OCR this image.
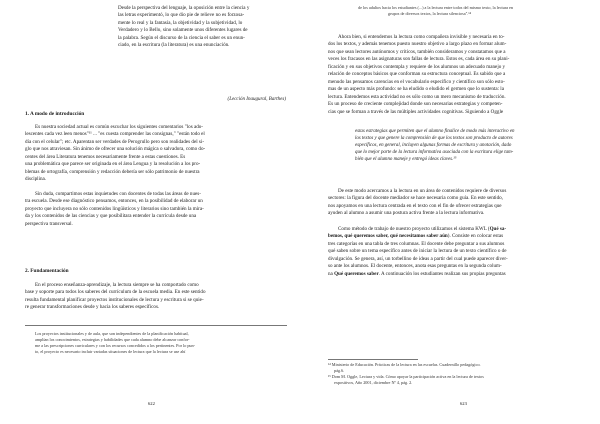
Desde la perspectiva del lenguaje, la oposición entre la ciencia y
las letras experimentó, lo que dio pie de relieve no es forzosa-
mente lo real y la fantasía, la objetividad y la subjetividad, lo
Verdadero y lo Bello, sino solamente unos diferentes lugares de
la palabra. Según el discurso de la ciencia el saber es un enun-
ciado, en la escritura (la literatura) es una enunciación.
(Lección Inaugural, Barthes)
1. A modo de introducción
Es nuestra sociedad actual es común escuchar los siguientes comentarios "los ado-
lescentes cada vez leen menos"¹¹ ... "es cuesta comprender las consignas," "están todo el
día con el celular"; etc. Aparentan ser verdades de Perogrullo pero son realidades del si-
glo que nos atraviesan. Sin ánimo de ofrecer una solución mágica o salvadora, como do-
centes del área Literatura tenemos necesariamente frente a estas cuestiones. Es
una problemática que parece ser originada en el área Lengua y la resolución a los pro-
blemas de ortografía, comprensión y redacción debería ser sólo patrimonio de nuestra
disciplina.
Sin duda, compartimos estas inquietudes con docentes de todas las áreas de nues-
tra escuela. Desde ese diagnóstico pensamos, entonces, en la posibilidad de elaborar un
proyecto que incluyera no sólo contenidos lingüísticos y literarios sino también la mira-
da y los contenidos de las ciencias y que posibilitara entender la currícula desde una
perspectiva transversal.
2. Fundamentación
En el proceso enseñanza-aprendizaje, la lectura siempre se ha comportado como
base y soporte para todos los saberes del currículum de la escuela media. En este sentido
resulta fundamental planificar proyectos institucionales de lectura y escritura si se quie-
re generar transformaciones desde y hacia los saberes específicos.
Los proyectos institucionales y de aula, que son independientes de la planificación habitual,
amplían los conocimientos, estrategias y habilidades que cada alumno debe alcanzar confor-
me a las prescripciones curriculares y con los recursos concedidos a los pertinentes. Por lo pun-
to, el proyecto es necesario incluir variadas situaciones de lectura que la lectura se use ahí
622
de los adultos hacia los estudiantes (...) a la lectura entre todos del mismo texto, la lectura en
grupos de diversos textos, la lectura silenciosa".¹⁴
Ahora bien, si entendemos la lectura como compañera invisible y necesaria en to-
dos los textos, y además tenemos puesto nuestro objetivo a largo plazo en formar alum-
nos que sean lectores autónomos y críticos, también consideramos y constatamos que a
veces los fracasos en las asignaturas son fallas de lectura. Estos es, cada área en su plani-
ficación y en sus objetivos contempla y requiere de los alumnos un adecuado manejo y
relación de conceptos básicos que conforman su estructura conceptual. Es sabido que a
menudo las pensamos carencias en el vocabulario específico y científico son sólo esto-
mas de un aspecto más profundo: se ha eludido o eludido el germen que lo sustenta: la
lectura. Entendemos esta actividad no es sólo como un mero mecanismo de traducción.
Es un proceso de creciente complejidad donde son necesarias estrategias y competen-
cias que se forman a través de las múltiples actividades cognitivas. Siguiendo a Oggle
estas estrategias que permiten que el alumno finalice de modo más interactivo en
los textos y que genere la comprensión de que los textos son producto de autores
específicos, en general, incluyen algunas formas de escritura y anotación, dado
que lo mejor parte de la lectura informativa asociada con la escritura elige tam-
bién que el alumno maneje y entregó ideas claves.¹⁵
De este modo acercamos a la lectura en un área de contenidos requiere de diversos
sectores: la figura del docente mediador se hace necesaria como guía. En este sentido,
nos apoyamos en una lectura centrada en el texto con el fin de ofrecer estrategias que
ayuden al alumno a asumir una postura activa frente a la lectura informativa.
Como método de trabajo de nuestro proyecto utilizamos el sistema KWL (Qué sa-
bemos, qué queremos saber, qué necesitamos saber aún). Consiste en colocar estas
tres categorías en una tabla de tres columnas. El docente debe preguntar a sus alumnos
qué saben sobre un tema específico antes de iniciar la lectura de un texto científico o de
divulgación. Se genera, así, un torbellino de ideas a partir del cual puede aparecer diver-
so ante los alumnos. El docente, entonces, anota esas preguntas en la segunda colum-
na Qué queremos saber. A continuación los estudiantes realizan sus propias preguntas
¹⁴ Ministerio de Educación. Prácticas de la lectura en las escuelas. Cuadernillo pedagógico.
pág.6.
¹⁵ Dom M. Oggle, Lectura y vida. Cómo apoyar la participación activa en la lectura de textos
expositivos, Año 2001, diciembre Nº 4, pág. 2.
623
